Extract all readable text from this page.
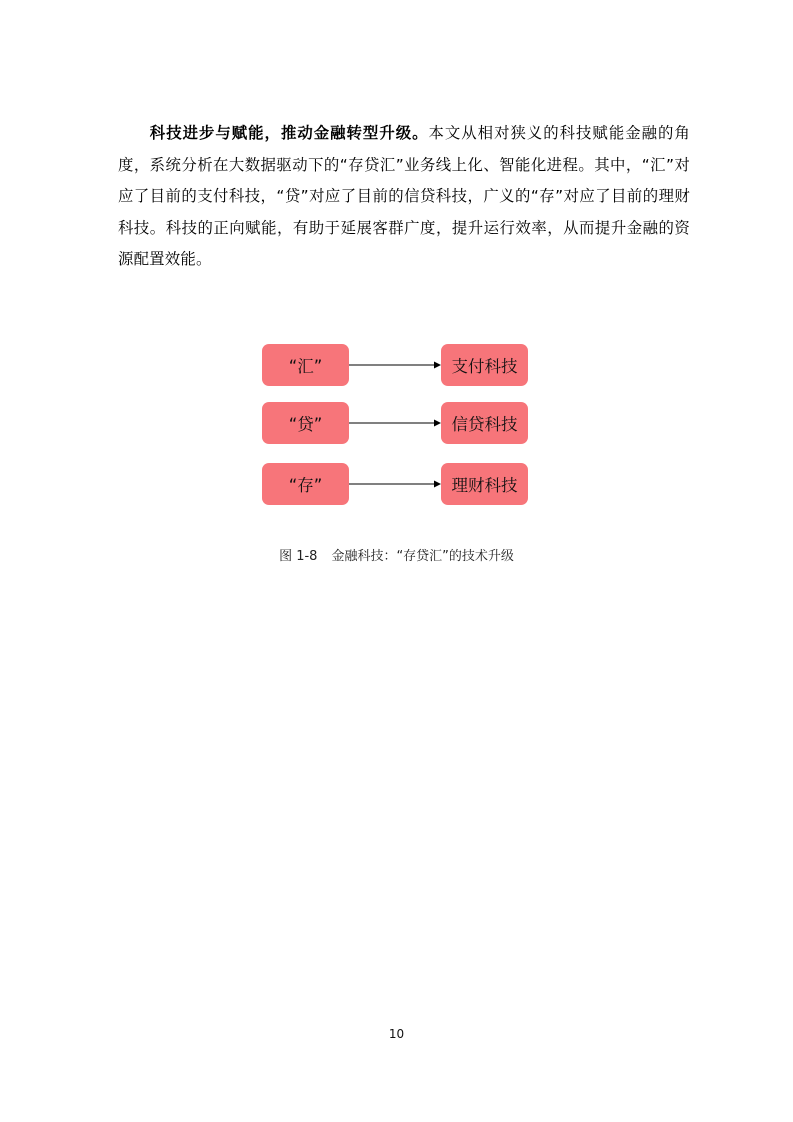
科技进步与赋能，推动金融转型升级。本文从相对狭义的科技赋能金融的角度，系统分析在大数据驱动下的“存贷汇”业务线上化、智能化进程。其中，“汇”对应了目前的支付科技，“贷”对应了目前的信贷科技，广义的“存”对应了目前的理财科技。科技的正向赋能，有助于延展客群广度，提升运行效率，从而提升金融的资源配置效能。

“汇”	支付科技
“贷”	信贷科技
“存”	理财科技
图 1-8 金融科技：“存贷汇”的技术升级
10
